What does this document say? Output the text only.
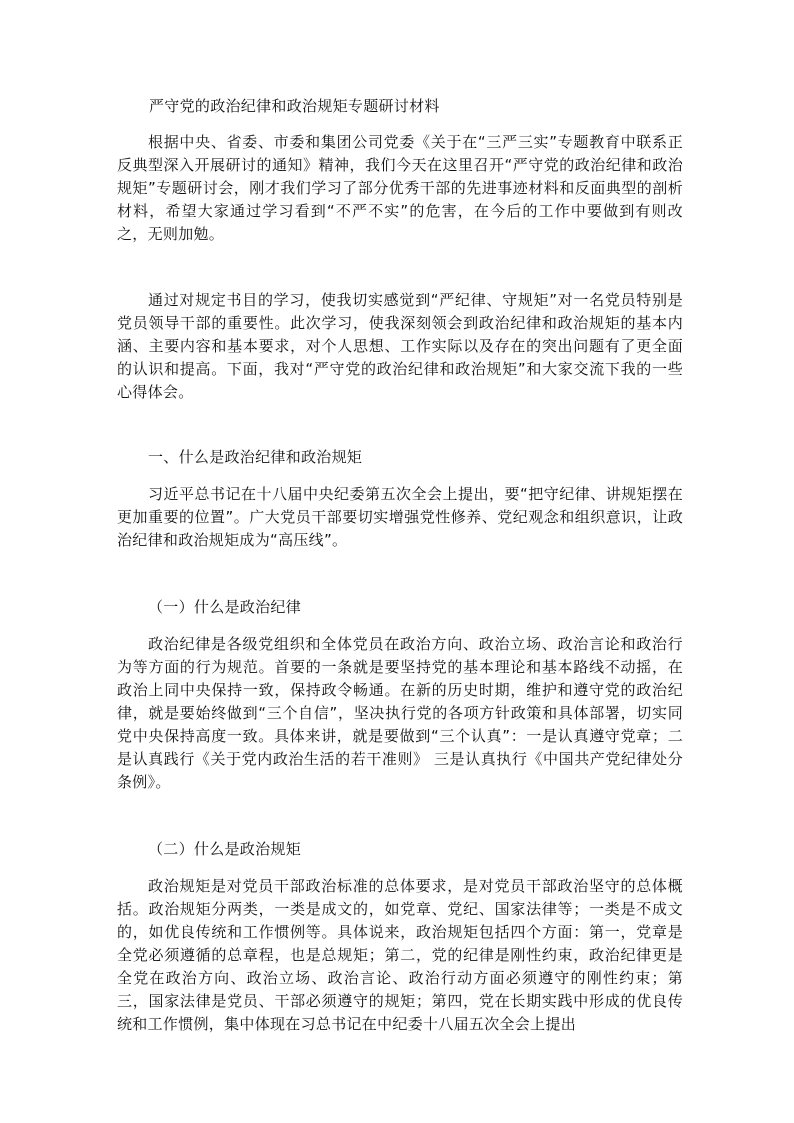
严守党的政治纪律和政治规矩专题研讨材料

根据中央、省委、市委和集团公司党委《关于在“三严三实”专题教育中联系正反典型深入开展研讨的通知》精神，我们今天在这里召开“严守党的政治纪律和政治规矩”专题研讨会，刚才我们学习了部分优秀干部的先进事迹材料和反面典型的剖析材料，希望大家通过学习看到“不严不实”的危害，在今后的工作中要做到有则改之，无则加勉。

通过对规定书目的学习，使我切实感觉到“严纪律、守规矩”对一名党员特别是党员领导干部的重要性。此次学习，使我深刻领会到政治纪律和政治规矩的基本内涵、主要内容和基本要求，对个人思想、工作实际以及存在的突出问题有了更全面的认识和提高。下面，我对“严守党的政治纪律和政治规矩”和大家交流下我的一些心得体会。

一、什么是政治纪律和政治规矩

习近平总书记在十八届中央纪委第五次全会上提出，要“把守纪律、讲规矩摆在更加重要的位置”。广大党员干部要切实增强党性修养、党纪观念和组织意识，让政治纪律和政治规矩成为“高压线”。

（一）什么是政治纪律

政治纪律是各级党组织和全体党员在政治方向、政治立场、政治言论和政治行为等方面的行为规范。首要的一条就是要坚持党的基本理论和基本路线不动摇，在政治上同中央保持一致，保持政令畅通。在新的历史时期，维护和遵守党的政治纪律，就是要始终做到“三个自信”，坚决执行党的各项方针政策和具体部署，切实同党中央保持高度一致。具体来讲，就是要做到“三个认真”：一是认真遵守党章；二是认真践行《关于党内政治生活的若干准则》 三是认真执行《中国共产党纪律处分条例》。

（二）什么是政治规矩

政治规矩是对党员干部政治标准的总体要求，是对党员干部政治坚守的总体概括。政治规矩分两类，一类是成文的，如党章、党纪、国家法律等；一类是不成文的，如优良传统和工作惯例等。具体说来，政治规矩包括四个方面：第一，党章是全党必须遵循的总章程，也是总规矩；第二，党的纪律是刚性约束，政治纪律更是全党在政治方向、政治立场、政治言论、政治行动方面必须遵守的刚性约束；第三，国家法律是党员、干部必须遵守的规矩；第四，党在长期实践中形成的优良传统和工作惯例，集中体现在习总书记在中纪委十八届五次全会上提出
